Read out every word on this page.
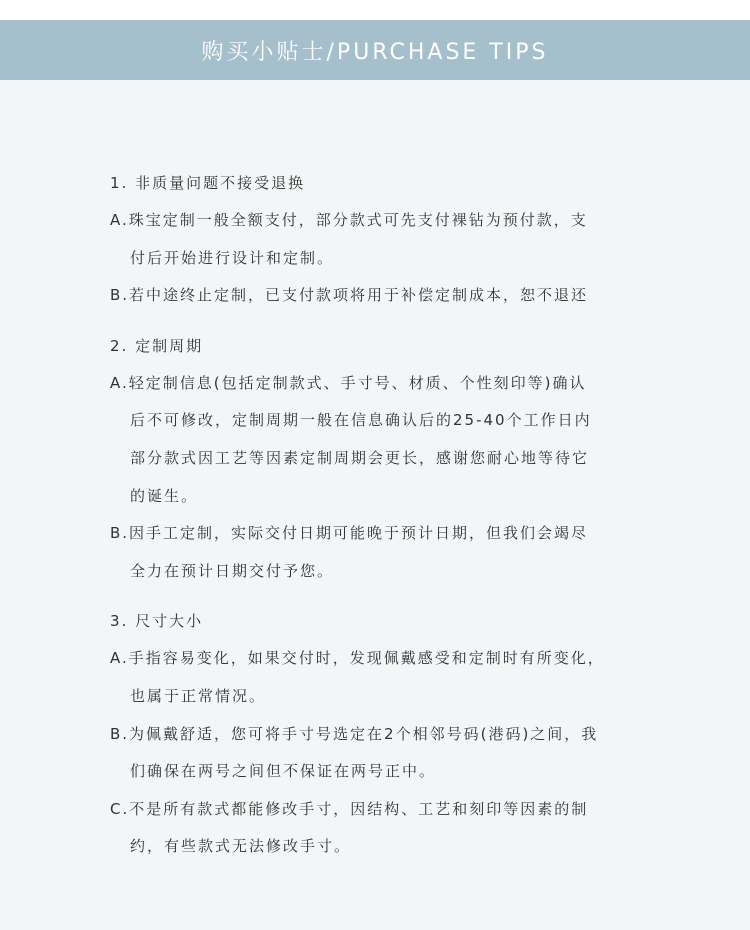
购买小贴士/PURCHASE TIPS
1. 非质量问题不接受退换
A.珠宝定制一般全额支付，部分款式可先支付裸钻为预付款，支
付后开始进行设计和定制。
B.若中途终止定制，已支付款项将用于补偿定制成本，恕不退还
2. 定制周期
A.轻定制信息(包括定制款式、手寸号、材质、个性刻印等)确认
后不可修改，定制周期一般在信息确认后的25-40个工作日内
部分款式因工艺等因素定制周期会更长，感谢您耐心地等待它
的诞生。
B.因手工定制，实际交付日期可能晚于预计日期，但我们会竭尽
全力在预计日期交付予您。
3. 尺寸大小
A.手指容易变化，如果交付时，发现佩戴感受和定制时有所变化，
也属于正常情况。
B.为佩戴舒适，您可将手寸号选定在2个相邻号码(港码)之间，我
们确保在两号之间但不保证在两号正中。
C.不是所有款式都能修改手寸，因结构、工艺和刻印等因素的制
约，有些款式无法修改手寸。
